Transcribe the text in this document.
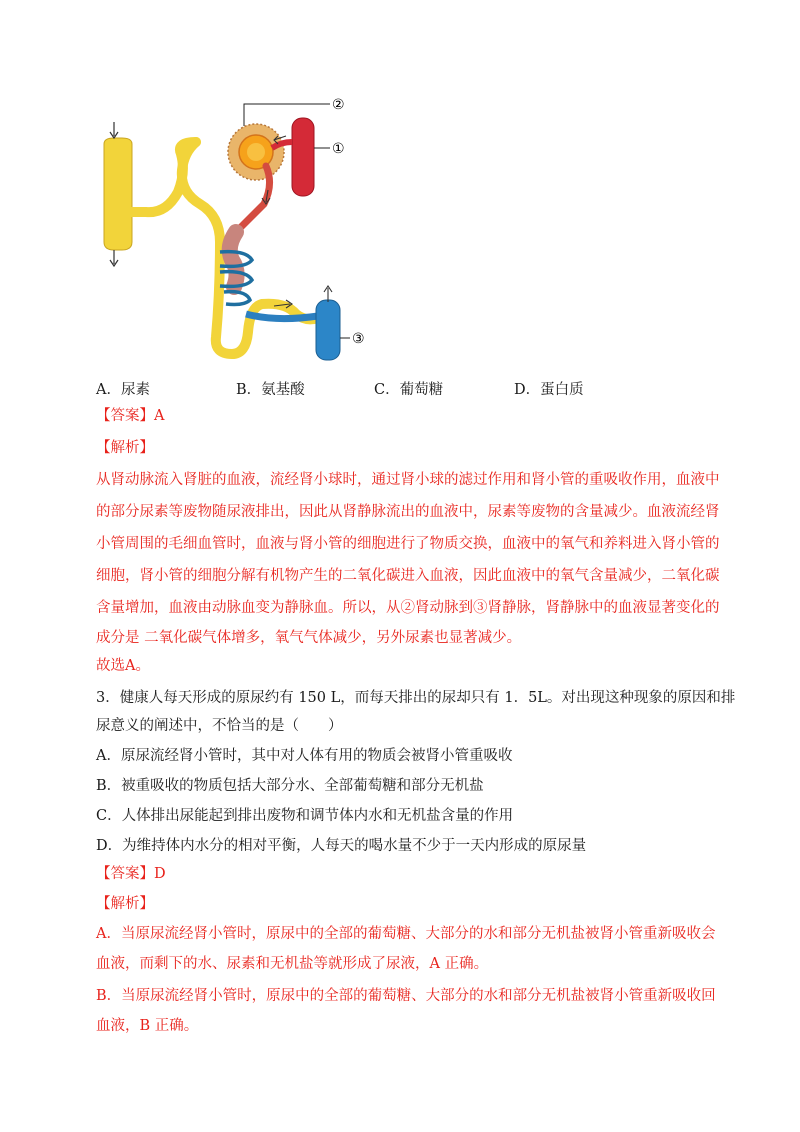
②
①
③
A．尿素	B．氨基酸	C．葡萄糖	D．蛋白质
【答案】A
【解析】
从肾动脉流入肾脏的血液，流经肾小球时，通过肾小球的滤过作用和肾小管的重吸收作用，血液中
的部分尿素等废物随尿液排出，因此从肾静脉流出的血液中，尿素等废物的含量减少。血液流经肾
小管周围的毛细血管时，血液与肾小管的细胞进行了物质交换，血液中的氧气和养料进入肾小管的
细胞，肾小管的细胞分解有机物产生的二氧化碳进入血液，因此血液中的氧气含量减少，二氧化碳
含量增加，血液由动脉血变为静脉血。所以，从②肾动脉到③肾静脉，肾静脉中的血液显著变化的
成分是 二氧化碳气体增多，氧气气体减少，另外尿素也显著减少。
故选A。
3．健康人每天形成的原尿约有 150 L，而每天排出的尿却只有 1．5L。对出现这种现象的原因和排
尿意义的阐述中，不恰当的是（　　）
A．原尿流经肾小管时，其中对人体有用的物质会被肾小管重吸收
B．被重吸收的物质包括大部分水、全部葡萄糖和部分无机盐
C．人体排出尿能起到排出废物和调节体内水和无机盐含量的作用
D．为维持体内水分的相对平衡，人每天的喝水量不少于一天内形成的原尿量
【答案】D
【解析】
A．当原尿流经肾小管时，原尿中的全部的葡萄糖、大部分的水和部分无机盐被肾小管重新吸收会
血液，而剩下的水、尿素和无机盐等就形成了尿液，A 正确。
B．当原尿流经肾小管时，原尿中的全部的葡萄糖、大部分的水和部分无机盐被肾小管重新吸收回
血液，B 正确。
